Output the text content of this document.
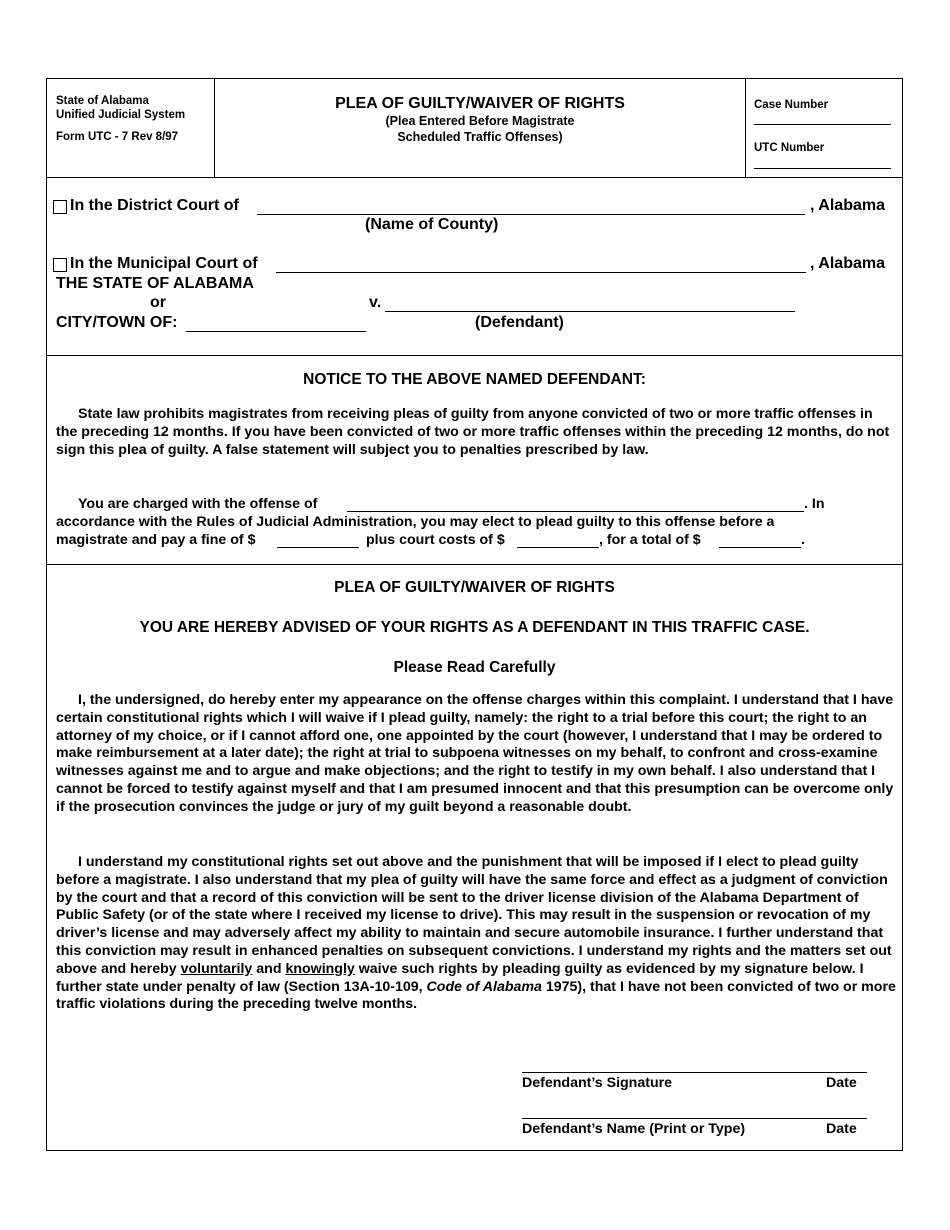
State of Alabama
Unified Judicial System
Form UTC - 7 Rev 8/97
PLEA OF GUILTY/WAIVER OF RIGHTS
(Plea Entered Before Magistrate
Scheduled Traffic Offenses)
Case Number
UTC Number
In the District Court of	, Alabama
(Name of County)
In the Municipal Court of	, Alabama
THE STATE OF ALABAMA
or	v.
CITY/TOWN OF:	(Defendant)
NOTICE TO THE ABOVE NAMED DEFENDANT:
State law prohibits magistrates from receiving pleas of guilty from anyone convicted of two or more traffic offenses in the preceding 12 months. If you have been convicted of two or more traffic offenses within the preceding 12 months, do not sign this plea of guilty. A false statement will subject you to penalties prescribed by law.
You are charged with the offense of	. In
accordance with the Rules of Judicial Administration, you may elect to plead guilty to this offense before a
magistrate and pay a fine of $	plus court costs of $	, for a total of $	.
PLEA OF GUILTY/WAIVER OF RIGHTS
YOU ARE HEREBY ADVISED OF YOUR RIGHTS AS A DEFENDANT IN THIS TRAFFIC CASE.
Please Read Carefully
I, the undersigned, do hereby enter my appearance on the offense charges within this complaint. I understand that I have certain constitutional rights which I will waive if I plead guilty, namely: the right to a trial before this court; the right to an attorney of my choice, or if I cannot afford one, one appointed by the court (however, I understand that I may be ordered to make reimbursement at a later date); the right at trial to subpoena witnesses on my behalf, to confront and cross-examine witnesses against me and to argue and make objections; and the right to testify in my own behalf. I also understand that I cannot be forced to testify against myself and that I am presumed innocent and that this presumption can be overcome only if the prosecution convinces the judge or jury of my guilt beyond a reasonable doubt.
I understand my constitutional rights set out above and the punishment that will be imposed if I elect to plead guilty before a magistrate. I also understand that my plea of guilty will have the same force and effect as a judgment of conviction by the court and that a record of this conviction will be sent to the driver license division of the Alabama Department of Public Safety (or of the state where I received my license to drive). This may result in the suspension or revocation of my driver’s license and may adversely affect my ability to maintain and secure automobile insurance. I further understand that this conviction may result in enhanced penalties on subsequent convictions. I understand my rights and the matters set out above and hereby voluntarily and knowingly waive such rights by pleading guilty as evidenced by my signature below. I further state under penalty of law (Section 13A-10-109, Code of Alabama 1975), that I have not been convicted of two or more traffic violations during the preceding twelve months.
Defendant’s Signature	Date
Defendant’s Name (Print or Type)	Date
